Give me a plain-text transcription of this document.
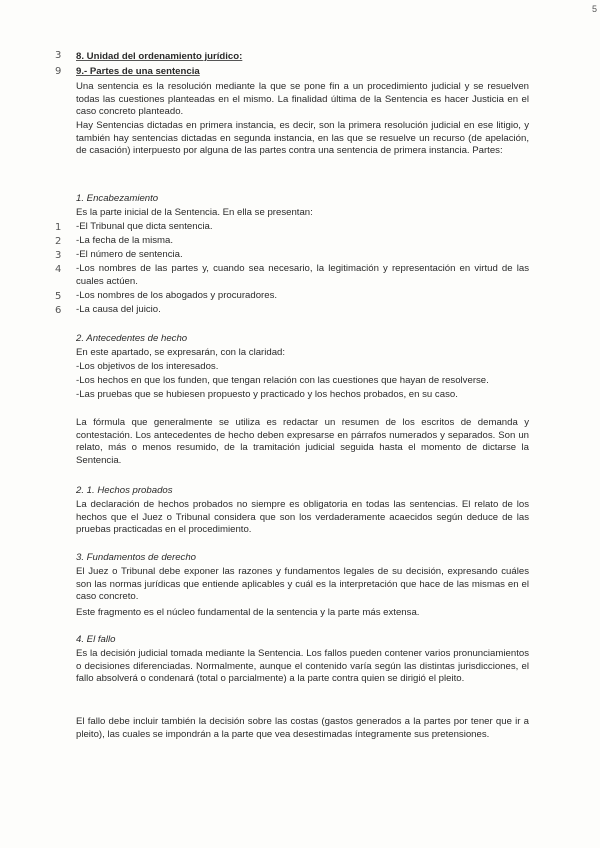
5
3
9
1
2
3
4
5
6
8. Unidad del ordenamiento jurídico:
9.- Partes de una sentencia

Una sentencia es la resolución mediante la que se pone fin a un procedimiento judicial y se resuelven todas las cuestiones planteadas en el mismo. La finalidad última de la Sentencia es hacer Justicia en el caso concreto planteado.

Hay Sentencias dictadas en primera instancia, es decir, son la primera resolución judicial en ese litigio, y también hay sentencias dictadas en segunda instancia, en las que se resuelve un recurso (de apelación, de casación) interpuesto por alguna de las partes contra una sentencia de primera instancia. Partes:

1. Encabezamiento
Es la parte inicial de la Sentencia. En ella se presentan:
-El Tribunal que dicta sentencia.
-La fecha de la misma.
-El número de sentencia.
-Los nombres de las partes y, cuando sea necesario, la legitimación y representación en virtud de las cuales actúen.
-Los nombres de los abogados y procuradores.
-La causa del juicio.
2. Antecedentes de hecho
En este apartado, se expresarán, con la claridad:
-Los objetivos de los interesados.
-Los hechos en que los funden, que tengan relación con las cuestiones que hayan de resolverse.
-Las pruebas que se hubiesen propuesto y practicado y los hechos probados, en su caso.

La fórmula que generalmente se utiliza es redactar un resumen de los escritos de demanda y contestación. Los antecedentes de hecho deben expresarse en párrafos numerados y separados. Son un relato, más o menos resumido, de la tramitación judicial seguida hasta el momento de dictarse la Sentencia.

2. 1. Hechos probados

La declaración de hechos probados no siempre es obligatoria en todas las sentencias. El relato de los hechos que el Juez o Tribunal considera que son los verdaderamente acaecidos según deduce de las pruebas practicadas en el procedimiento.

3. Fundamentos de derecho

El Juez o Tribunal debe exponer las razones y fundamentos legales de su decisión, expresando cuáles son las normas jurídicas que entiende aplicables y cuál es la interpretación que hace de las mismas en el caso concreto.

Este fragmento es el núcleo fundamental de la sentencia y la parte más extensa.

4. El fallo

Es la decisión judicial tomada mediante la Sentencia. Los fallos pueden contener varios pronunciamientos o decisiones diferenciadas. Normalmente, aunque el contenido varía según las distintas jurisdicciones, el fallo absolverá o condenará (total o parcialmente) a la parte contra quien se dirigió el pleito.

El fallo debe incluir también la decisión sobre las costas (gastos generados a la partes por tener que ir a pleito), las cuales se impondrán a la parte que vea desestimadas íntegramente sus pretensiones.
